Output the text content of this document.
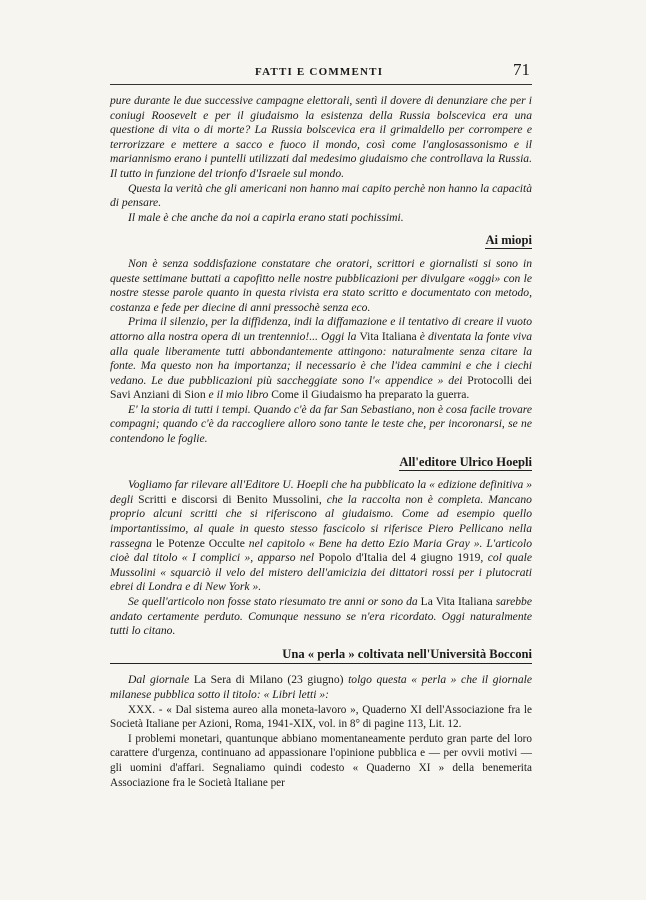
FATTI E COMMENTI	71

pure durante le due successive campagne elettorali, sentì il dovere di denunziare che per i coniugi Roosevelt e per il giudaismo la esistenza della Russia bolscevica era una questione di vita o di morte? La Russia bolscevica era il grimaldello per corrompere e terrorizzare e mettere a sacco e fuoco il mondo, così come l'anglosassonismo e il mariannismo erano i puntelli utilizzati dal medesimo giudaismo che controllava la Russia. Il tutto in funzione del trionfo d'Israele sul mondo.

Questa la verità che gli americani non hanno mai capito perchè non hanno la capacità di pensare.

Il male è che anche da noi a capirla erano stati pochissimi.

Ai miopi

Non è senza soddisfazione constatare che oratori, scrittori e giornalisti si sono in queste settimane buttati a capofitto nelle nostre pubblicazioni per divulgare «oggi» con le nostre stesse parole quanto in questa rivista era stato scritto e documentato con metodo, costanza e fede per diecine di anni pressochè senza eco.

Prima il silenzio, per la diffidenza, indi la diffamazione e il tentativo di creare il vuoto attorno alla nostra opera di un trentennio!... Oggi la Vita Italiana è diventata la fonte viva alla quale liberamente tutti abbondantemente attingono: naturalmente senza citare la fonte. Ma questo non ha importanza; il necessario è che l'idea cammini e che i ciechi vedano. Le due pubblicazioni più saccheggiate sono l'« appendice » dei Protocolli dei Savi Anziani di Sion e il mio libro Come il Giudaismo ha preparato la guerra.

E' la storia di tutti i tempi. Quando c'è da far San Sebastiano, non è cosa facile trovare compagni; quando c'è da raccogliere alloro sono tante le teste che, per incoronarsi, se ne contendono le foglie.

All'editore Ulrico Hoepli

Vogliamo far rilevare all'Editore U. Hoepli che ha pubblicato la « edizione definitiva » degli Scritti e discorsi di Benito Mussolini, che la raccolta non è completa. Mancano proprio alcuni scritti che si riferiscono al giudaismo. Come ad esempio quello importantissimo, al quale in questo stesso fascicolo si riferisce Piero Pellicano nella rassegna le Potenze Occulte nel capitolo « Bene ha detto Ezio Maria Gray ». L'articolo cioè dal titolo « I complici », apparso nel Popolo d'Italia del 4 giugno 1919, col quale Mussolini « squarciò il velo del mistero dell'amicizia dei dittatori rossi per i plutocrati ebrei di Londra e di New York ».

Se quell'articolo non fosse stato riesumato tre anni or sono da La Vita Italiana sarebbe andato certamente perduto. Comunque nessuno se n'era ricordato. Oggi naturalmente tutti lo citano.

Una « perla » coltivata nell'Università Bocconi

Dal giornale La Sera di Milano (23 giugno) tolgo questa « perla » che il giornale milanese pubblica sotto il titolo: « Libri letti »:

XXX. - « Dal sistema aureo alla moneta-lavoro », Quaderno XI dell'Associazione fra le Società Italiane per Azioni, Roma, 1941-XIX, vol. in 8° di pagine 113, Lit. 12.

I problemi monetari, quantunque abbiano momentaneamente perduto gran parte del loro carattere d'urgenza, continuano ad appassionare l'opinione pubblica e — per ovvii motivi — gli uomini d'affari. Segnaliamo quindi codesto « Quaderno XI » della benemerita Associazione fra le Società Italiane per
